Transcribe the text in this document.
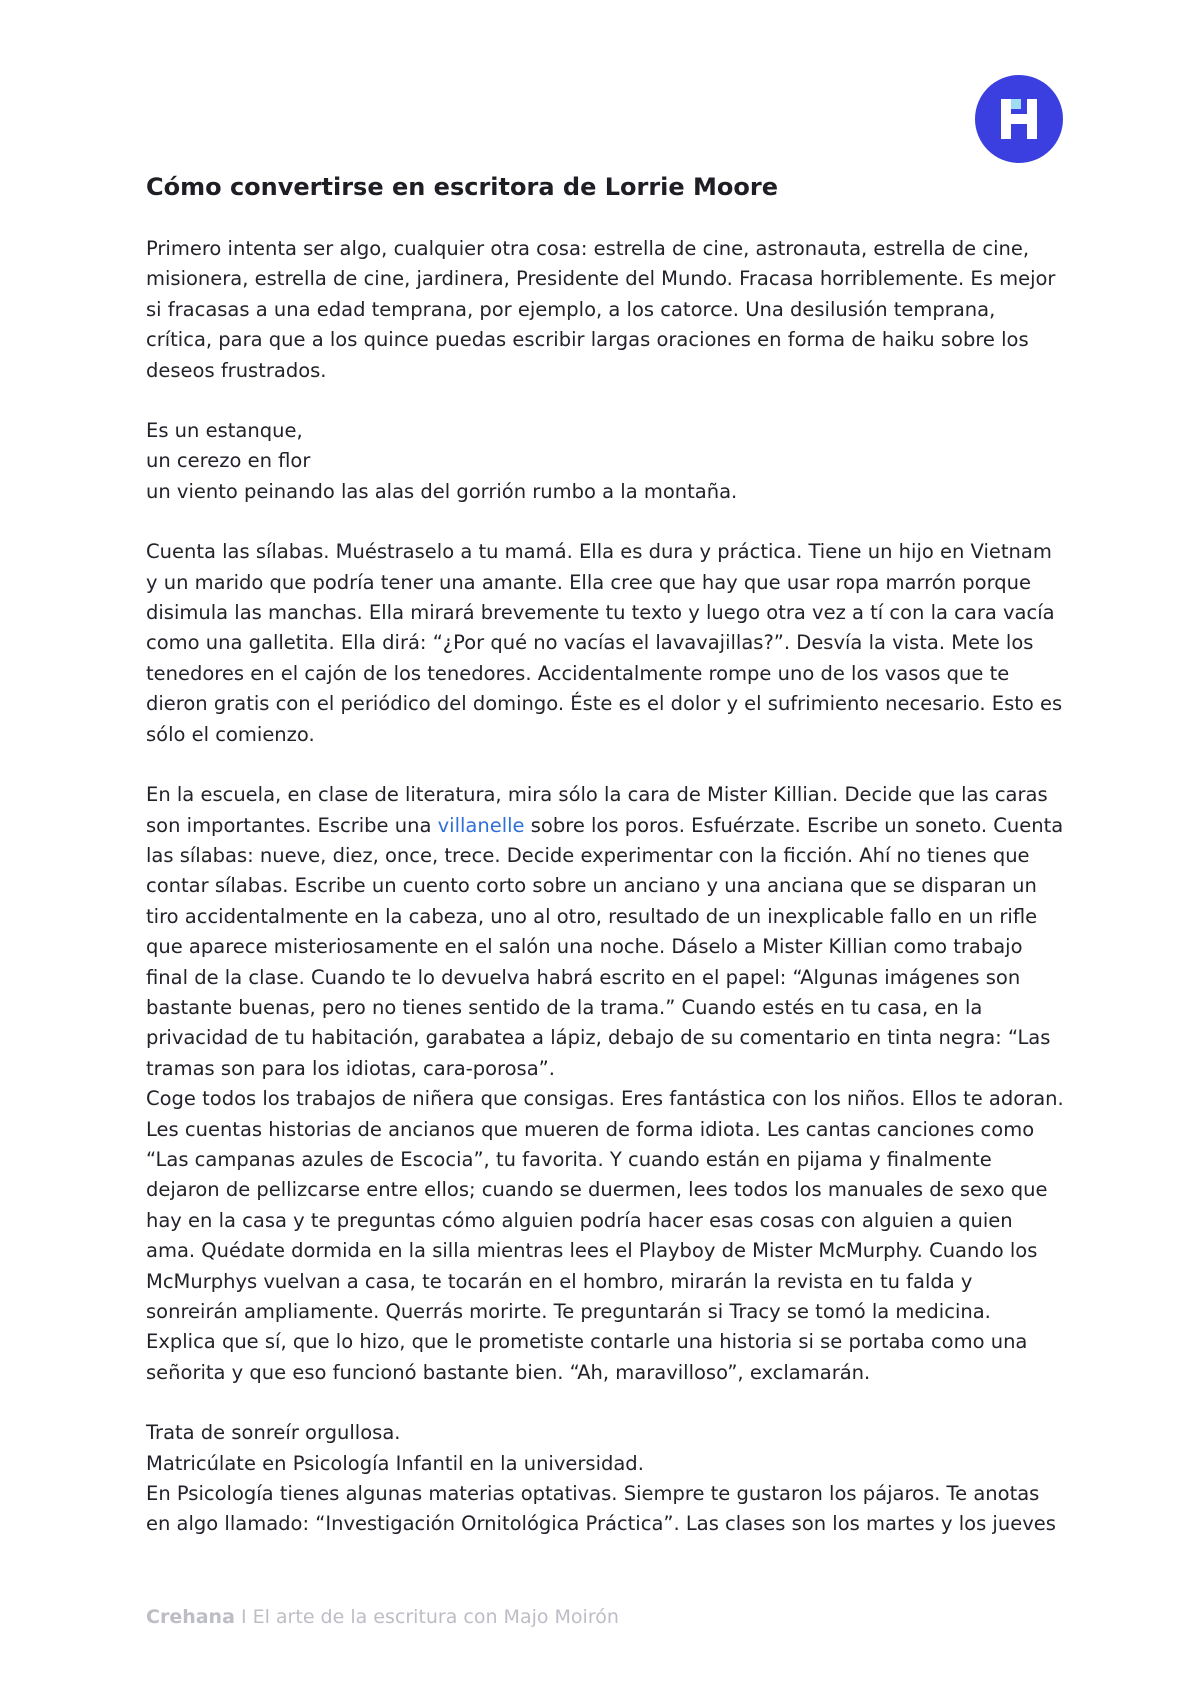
Cómo convertirse en escritora de Lorrie Moore

Primero intenta ser algo, cualquier otra cosa: estrella de cine, astronauta, estrella de cine, misionera, estrella de cine, jardinera, Presidente del Mundo. Fracasa horriblemente. Es mejor si fracasas a una edad temprana, por ejemplo, a los catorce. Una desilusión temprana, crítica, para que a los quince puedas escribir largas oraciones en forma de haiku sobre los deseos frustrados.

Es un estanque,
un cerezo en flor
un viento peinando las alas del gorrión rumbo a la montaña.

Cuenta las sílabas. Muéstraselo a tu mamá. Ella es dura y práctica. Tiene un hijo en Vietnam y un marido que podría tener una amante. Ella cree que hay que usar ropa marrón porque disimula las manchas. Ella mirará brevemente tu texto y luego otra vez a tí con la cara vacía como una galletita. Ella dirá: “¿Por qué no vacías el lavavajillas?”. Desvía la vista. Mete los tenedores en el cajón de los tenedores. Accidentalmente rompe uno de los vasos que te dieron gratis con el periódico del domingo. Éste es el dolor y el sufrimiento necesario. Esto es sólo el comienzo.

En la escuela, en clase de literatura, mira sólo la cara de Mister Killian. Decide que las caras son importantes. Escribe una villanelle sobre los poros. Esfuérzate. Escribe un soneto. Cuenta las sílabas: nueve, diez, once, trece. Decide experimentar con la ficción. Ahí no tienes que contar sílabas. Escribe un cuento corto sobre un anciano y una anciana que se disparan un tiro accidentalmente en la cabeza, uno al otro, resultado de un inexplicable fallo en un rifle que aparece misteriosamente en el salón una noche. Dáselo a Mister Killian como trabajo final de la clase. Cuando te lo devuelva habrá escrito en el papel: “Algunas imágenes son bastante buenas, pero no tienes sentido de la trama.” Cuando estés en tu casa, en la privacidad de tu habitación, garabatea a lápiz, debajo de su comentario en tinta negra: “Las tramas son para los idiotas, cara-porosa”.

Coge todos los trabajos de niñera que consigas. Eres fantástica con los niños. Ellos te adoran. Les cuentas historias de ancianos que mueren de forma idiota. Les cantas canciones como “Las campanas azules de Escocia”, tu favorita. Y cuando están en pijama y finalmente dejaron de pellizcarse entre ellos; cuando se duermen, lees todos los manuales de sexo que hay en la casa y te preguntas cómo alguien podría hacer esas cosas con alguien a quien ama. Quédate dormida en la silla mientras lees el Playboy de Mister McMurphy. Cuando los McMurphys vuelvan a casa, te tocarán en el hombro, mirarán la revista en tu falda y sonreirán ampliamente. Querrás morirte. Te preguntarán si Tracy se tomó la medicina. Explica que sí, que lo hizo, que le prometiste contarle una historia si se portaba como una señorita y que eso funcionó bastante bien. “Ah, maravilloso”, exclamarán.

Trata de sonreír orgullosa.
Matricúlate en Psicología Infantil en la universidad.
En Psicología tienes algunas materias optativas. Siempre te gustaron los pájaros. Te anotas en algo llamado: “Investigación Ornitológica Práctica”. Las clases son los martes y los jueves

Crehana I El arte de la escritura con Majo Moirón
